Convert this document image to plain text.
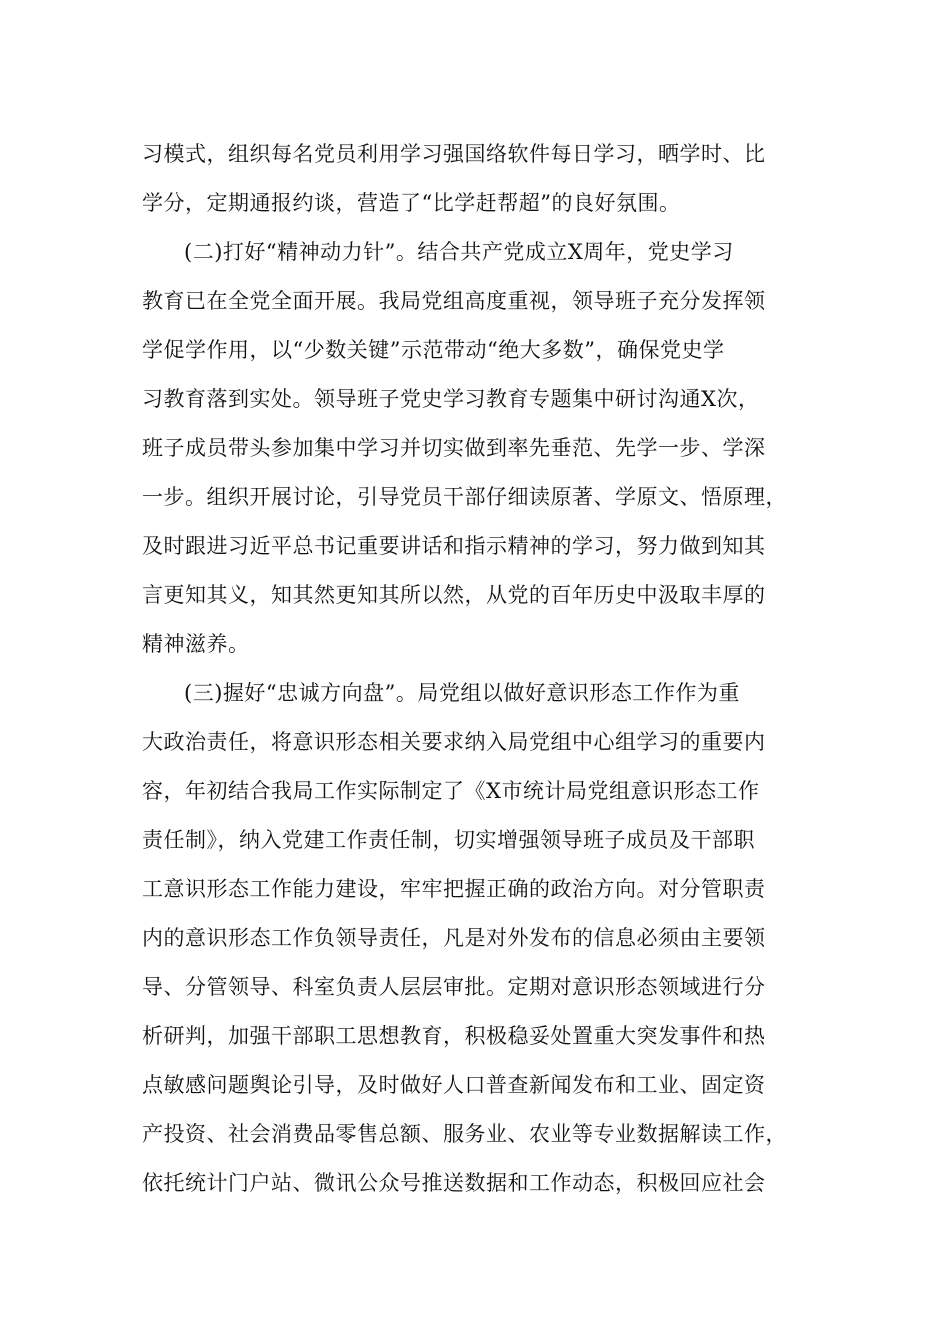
习模式，组织每名党员利用学习强国络软件每日学习，晒学时、比
学分，定期通报约谈，营造了“比学赶帮超”的良好氛围。
(二)打好“精神动力针”。结合共产党成立X周年，党史学习
教育已在全党全面开展。我局党组高度重视，领导班子充分发挥领
学促学作用，以“少数关键”示范带动“绝大多数”，确保党史学
习教育落到实处。领导班子党史学习教育专题集中研讨沟通X次，
班子成员带头参加集中学习并切实做到率先垂范、先学一步、学深
一步。组织开展讨论，引导党员干部仔细读原著、学原文、悟原理，
及时跟进习近平总书记重要讲话和指示精神的学习，努力做到知其
言更知其义，知其然更知其所以然，从党的百年历史中汲取丰厚的
精神滋养。
(三)握好“忠诚方向盘”。局党组以做好意识形态工作作为重
大政治责任，将意识形态相关要求纳入局党组中心组学习的重要内
容，年初结合我局工作实际制定了《X市统计局党组意识形态工作
责任制》，纳入党建工作责任制，切实增强领导班子成员及干部职
工意识形态工作能力建设，牢牢把握正确的政治方向。对分管职责
内的意识形态工作负领导责任，凡是对外发布的信息必须由主要领
导、分管领导、科室负责人层层审批。定期对意识形态领域进行分
析研判，加强干部职工思想教育，积极稳妥处置重大突发事件和热
点敏感问题舆论引导，及时做好人口普查新闻发布和工业、固定资
产投资、社会消费品零售总额、服务业、农业等专业数据解读工作，
依托统计门户站、微讯公众号推送数据和工作动态，积极回应社会
